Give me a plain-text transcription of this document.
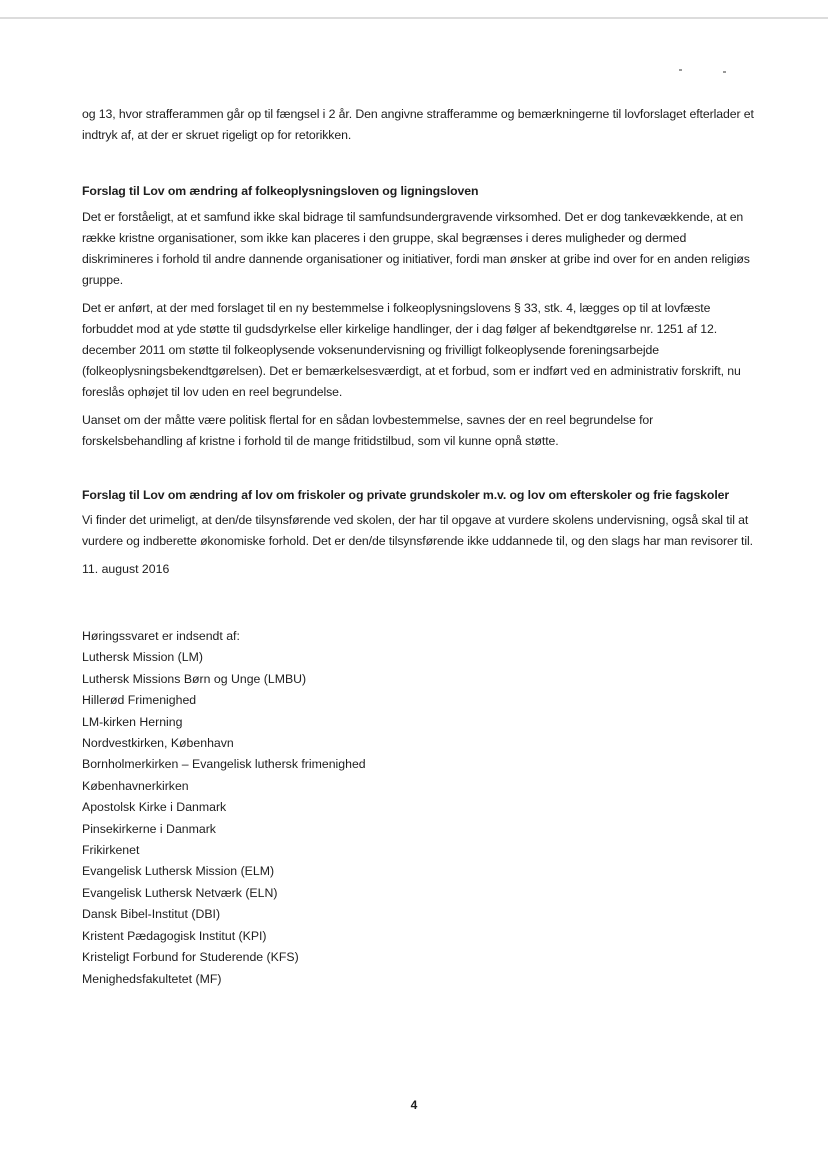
og 13, hvor strafferammen går op til fængsel i 2 år. Den angivne strafferamme og bemærkningerne til lovforslaget efterlader et indtryk af, at der er skruet rigeligt op for retorikken.

Forslag til Lov om ændring af folkeoplysningsloven og ligningsloven

Det er forståeligt, at et samfund ikke skal bidrage til samfundsundergravende virksomhed. Det er dog tankevækkende, at en række kristne organisationer, som ikke kan placeres i den gruppe, skal begrænses i deres muligheder og dermed diskrimineres i forhold til andre dannende organisationer og initiativer, fordi man ønsker at gribe ind over for en anden religiøs gruppe.

Det er anført, at der med forslaget til en ny bestemmelse i folkeoplysningslovens § 33, stk. 4, lægges op til at lovfæste forbuddet mod at yde støtte til gudsdyrkelse eller kirkelige handlinger, der i dag følger af bekendtgørelse nr. 1251 af 12. december 2011 om støtte til folkeoplysende voksenundervisning og frivilligt folkeoplysende foreningsarbejde (folkeoplysningsbekendtgørelsen). Det er bemærkelsesværdigt, at et forbud, som er indført ved en administrativ forskrift, nu foreslås ophøjet til lov uden en reel begrundelse.

Uanset om der måtte være politisk flertal for en sådan lovbestemmelse, savnes der en reel begrundelse for forskelsbehandling af kristne i forhold til de mange fritidstilbud, som vil kunne opnå støtte.

Forslag til Lov om ændring af lov om friskoler og private grundskoler m.v. og lov om efterskoler og frie fagskoler

Vi finder det urimeligt, at den/de tilsynsførende ved skolen, der har til opgave at vurdere skolens undervisning, også skal til at vurdere og indberette økonomiske forhold. Det er den/de tilsynsførende ikke uddannede til, og den slags har man revisorer til.

11. august 2016

Høringssvaret er indsendt af:

Luthersk Mission (LM)
Luthersk Missions Børn og Unge (LMBU)
Hillerød Frimenighed
LM-kirken Herning
Nordvestkirken, København
Bornholmerkirken – Evangelisk luthersk frimenighed
Københavnerkirken
Apostolsk Kirke i Danmark
Pinsekirkerne i Danmark
Frikirkenet
Evangelisk Luthersk Mission (ELM)
Evangelisk Luthersk Netværk (ELN)
Dansk Bibel-Institut (DBI)
Kristent Pædagogisk Institut (KPI)
Kristeligt Forbund for Studerende (KFS)
Menighedsfakultetet (MF)
4
